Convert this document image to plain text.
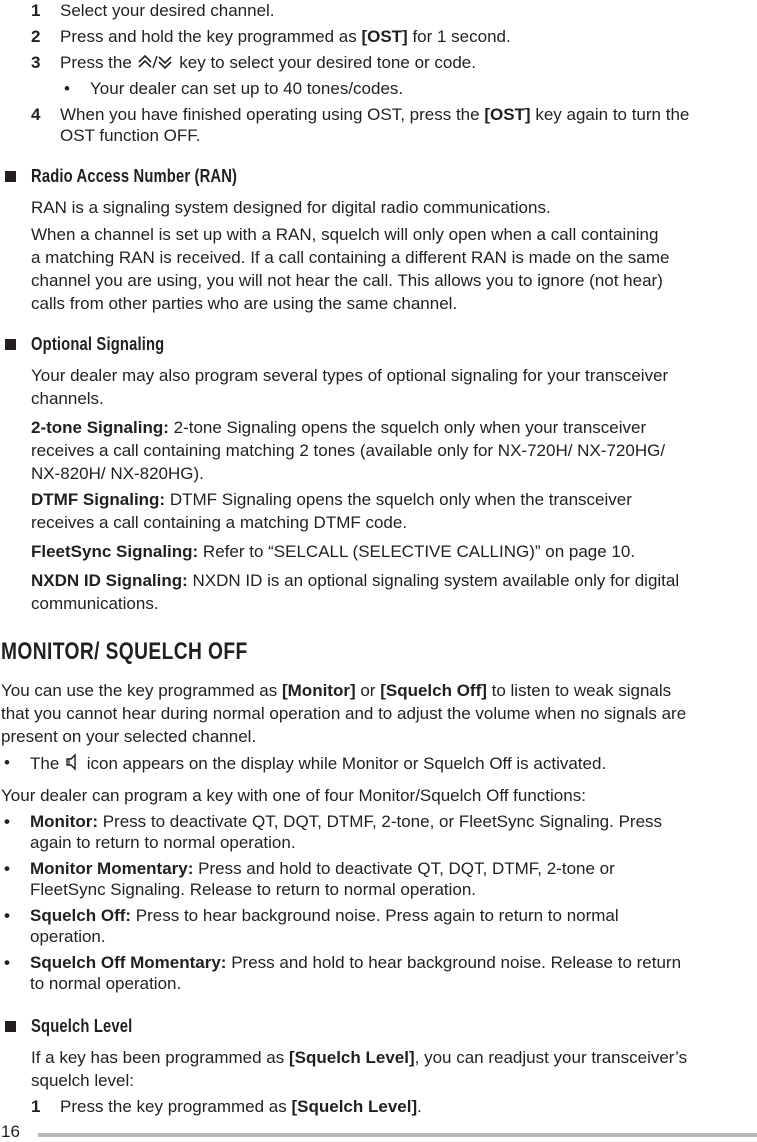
1 Select your desired channel.
2 Press and hold the key programmed as [OST] for 1 second.
3 Press the  key to select your desired tone or code.
• Your dealer can set up to 40 tones/codes.
4 When you have finished operating using OST, press the [OST] key again to turn the
OST function OFF.
Radio Access Number (RAN)
RAN is a signaling system designed for digital radio communications.
When a channel is set up with a RAN, squelch will only open when a call containing
a matching RAN is received. If a call containing a different RAN is made on the same
channel you are using, you will not hear the call. This allows you to ignore (not hear)
calls from other parties who are using the same channel.
Optional Signaling
Your dealer may also program several types of optional signaling for your transceiver
channels.
2-tone Signaling: 2-tone Signaling opens the squelch only when your transceiver
receives a call containing matching 2 tones (available only for NX-720H/ NX-720HG/
NX-820H/ NX-820HG).
DTMF Signaling: DTMF Signaling opens the squelch only when the transceiver
receives a call containing a matching DTMF code.
FleetSync Signaling: Refer to “SELCALL (SELECTIVE CALLING)” on page 10.
NXDN ID Signaling: NXDN ID is an optional signaling system available only for digital
communications.
MONITOR/ SQUELCH OFF
You can use the key programmed as [Monitor] or [Squelch Off] to listen to weak signals
that you cannot hear during normal operation and to adjust the volume when no signals are
present on your selected channel.
• The  icon appears on the display while Monitor or Squelch Off is activated.
Your dealer can program a key with one of four Monitor/Squelch Off functions:
• Monitor: Press to deactivate QT, DQT, DTMF, 2-tone, or FleetSync Signaling. Press
again to return to normal operation.
• Monitor Momentary: Press and hold to deactivate QT, DQT, DTMF, 2-tone or
FleetSync Signaling. Release to return to normal operation.
• Squelch Off: Press to hear background noise. Press again to return to normal
operation.
• Squelch Off Momentary: Press and hold to hear background noise. Release to return
to normal operation.
Squelch Level
If a key has been programmed as [Squelch Level], you can readjust your transceiver’s
squelch level:
1 Press the key programmed as [Squelch Level].
16
